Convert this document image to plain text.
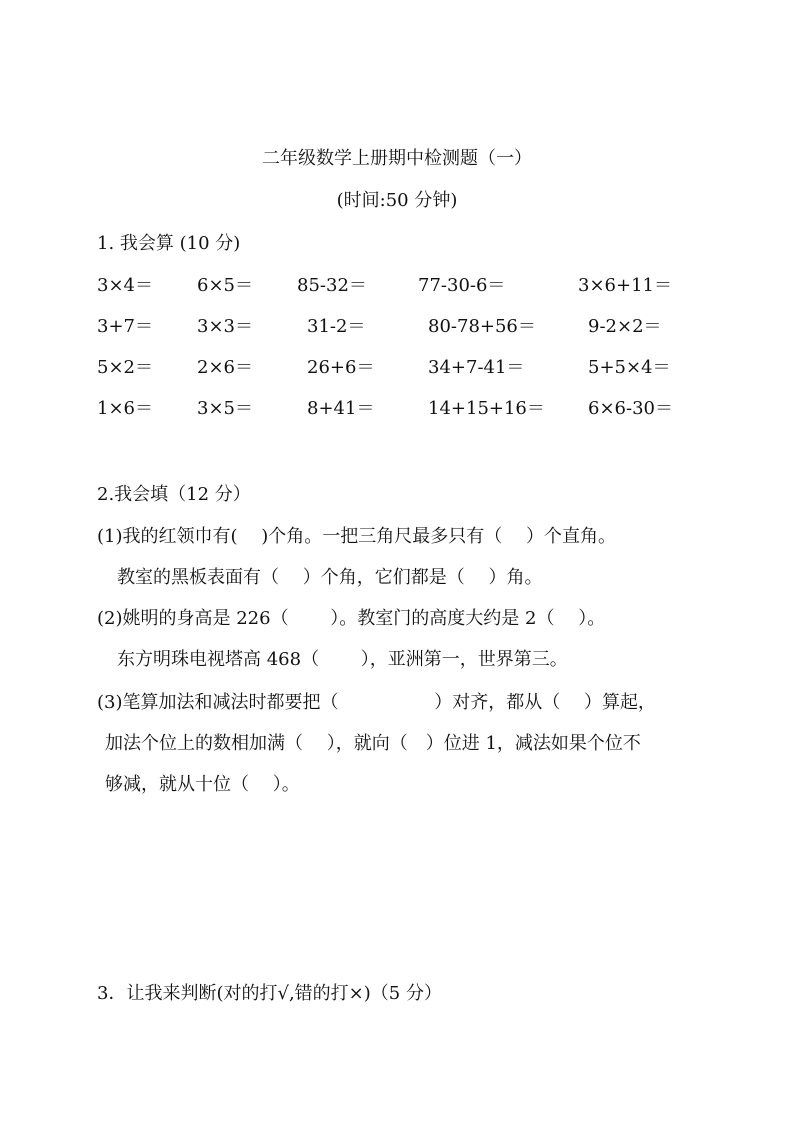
二年级数学上册期中检测题（一）
(时间:50 分钟)
1. 我会算 (10 分)
3×4＝ 6×5＝ 85-32＝	77-30-6＝	3×6+11＝
3+7＝ 3×3＝	31-2＝	80-78+56＝	9-2×2＝
5×2＝ 2×6＝	26+6＝	34+7-41＝	5+5×4＝
1×6＝ 3×5＝	8+41＝	14+15+16＝ 6×6-30＝
2.我会填（12 分）
(1)我的红领巾有(　 )个角。一把三角尺最多只有（　 ）个直角。
教室的黑板表面有（　 ）个角，它们都是（　 ）角。
(2)姚明的身高是 226（　　 ）。教室门的高度大约是 2（　 ）。
东方明珠电视塔高 468（　　 ），亚洲第一，世界第三。
(3)笔算加法和减法时都要把（　　　　　 ）对齐，都从（　 ）算起，
加法个位上的数相加满（　 ），就向（　）位进 1，减法如果个位不
够减，就从十位（　 ）。
3．让我来判断(对的打√,错的打×)（5 分）
